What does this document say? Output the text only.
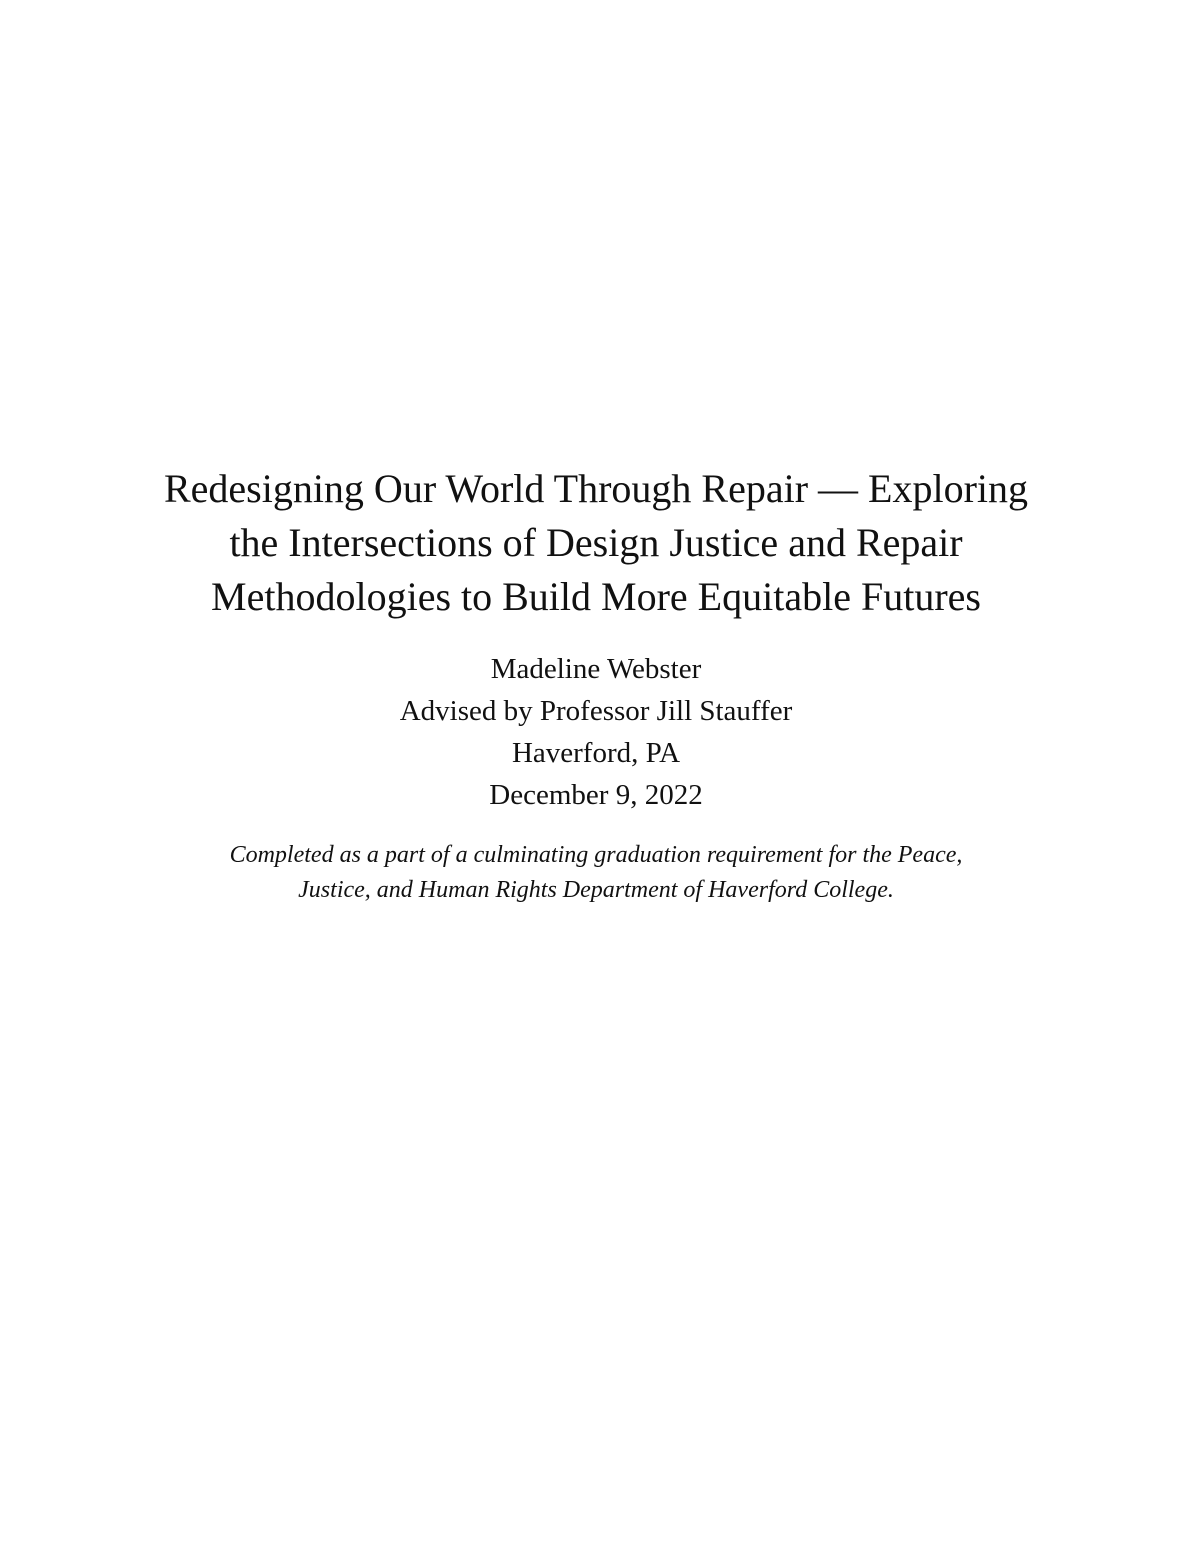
Redesigning Our World Through Repair — Exploring
the Intersections of Design Justice and Repair
Methodologies to Build More Equitable Futures
Madeline Webster
Advised by Professor Jill Stauffer
Haverford, PA
December 9, 2022
Completed as a part of a culminating graduation requirement for the Peace,
Justice, and Human Rights Department of Haverford College.
